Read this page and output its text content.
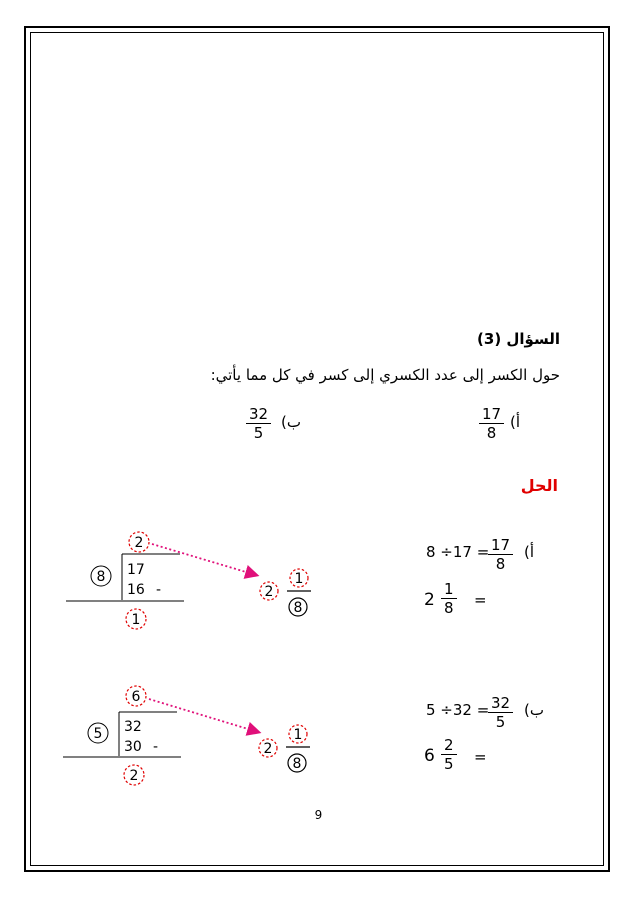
السؤال (3)
حول الكسر إلى عدد الكسري إلى كسر في كل مما يأتي:
$\frac{17}{8}$ أ)
$\frac{32}{5}$ ب)
الحل
أ)
$\frac{17}{8}$
8 ÷17 =
$2 \frac{1}{8}$ =
ب)
$\frac{32}{5}$
5 ÷32 =
$6 \frac{2}{5}$ =
2
8 17
16 -
1
2
1
8
6
5 32
30 -
2
2
1
8
9
